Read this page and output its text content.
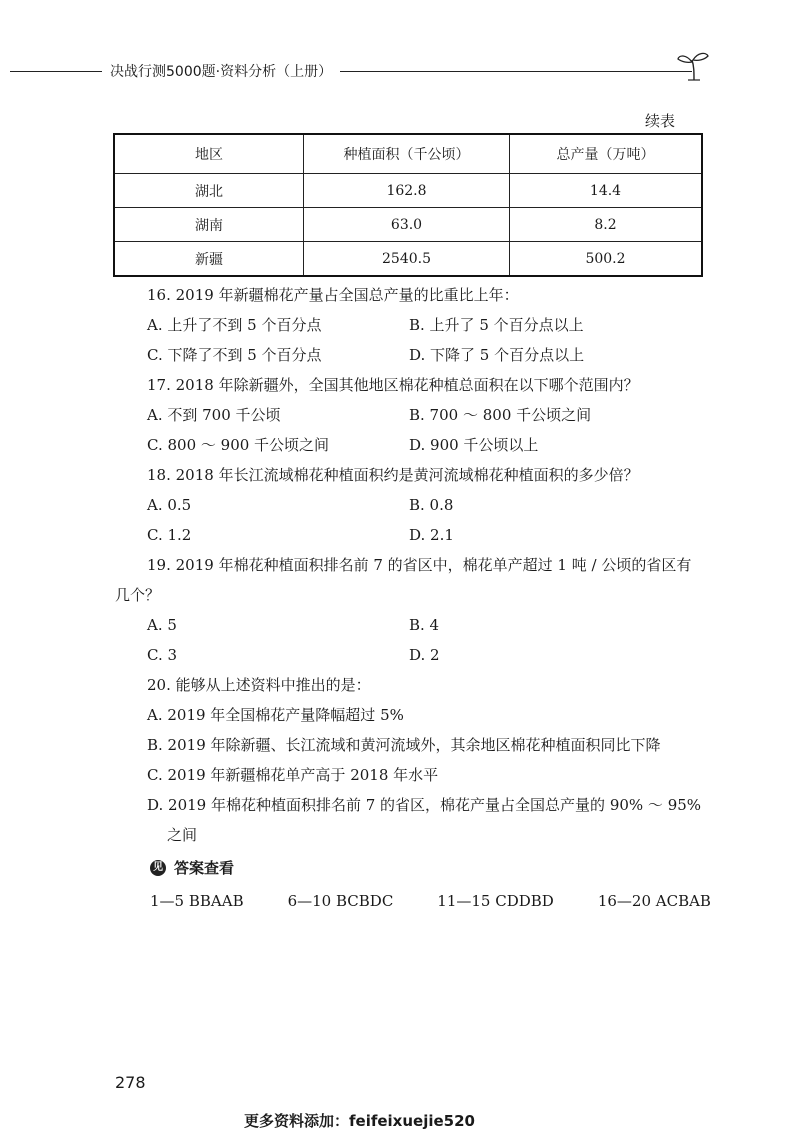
决战行测5000题·资料分析（上册）
续表
地区	种植面积（千公顷）	总产量（万吨）
湖北	162.8	14.4
湖南	63.0	8.2
新疆	2540.5	500.2
16. 2019 年新疆棉花产量占全国总产量的比重比上年：
A. 上升了不到 5 个百分点	B. 上升了 5 个百分点以上
C. 下降了不到 5 个百分点	D. 下降了 5 个百分点以上
17. 2018 年除新疆外，全国其他地区棉花种植总面积在以下哪个范围内？
A. 不到 700 千公顷	B. 700 ～ 800 千公顷之间
C. 800 ～ 900 千公顷之间	D. 900 千公顷以上
18. 2018 年长江流域棉花种植面积约是黄河流域棉花种植面积的多少倍？
A. 0.5	B. 0.8
C. 1.2	D. 2.1
19. 2019 年棉花种植面积排名前 7 的省区中，棉花单产超过 1 吨 / 公顷的省区有
几个？
A. 5	B. 4
C. 3	D. 2
20. 能够从上述资料中推出的是：
A. 2019 年全国棉花产量降幅超过 5%
B. 2019 年除新疆、长江流域和黄河流域外，其余地区棉花种植面积同比下降
C. 2019 年新疆棉花单产高于 2018 年水平
D. 2019 年棉花种植面积排名前 7 的省区，棉花产量占全国总产量的 90% ～ 95%
之间
见 答案查看
1—5 BBAAB	6—10 BCBDC	11—15 CDDBD	16—20 ACBAB
278
更多资料添加：feifeixuejie520
